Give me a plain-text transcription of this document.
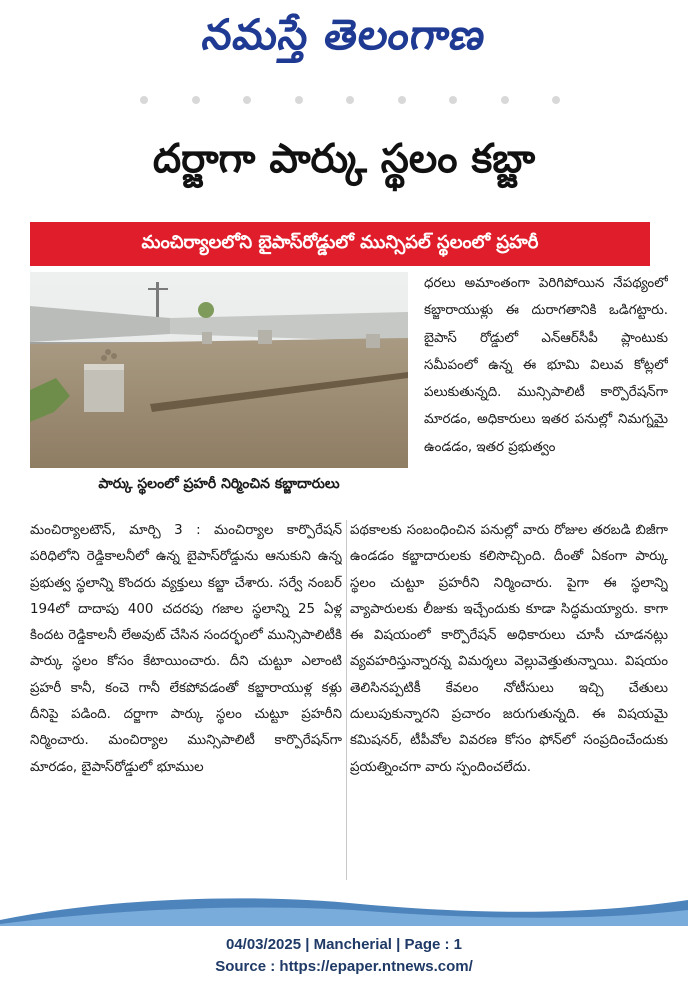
నమస్తే తెలంగాణ
దర్జాగా పార్కు స్థలం కబ్జా
మంచిర్యాలలోని బైపాస్‌రోడ్డులో మున్సిపల్ స్థలంలో ప్రహరీ
పార్కు స్థలంలో ప్రహరీ నిర్మించిన కబ్జాదారులు

ధరలు అమాంతంగా పెరిగిపోయిన నేపథ్యంలో కబ్జారాయుళ్లు ఈ దురాగతానికి ఒడిగట్టారు. బైపాస్ రోడ్డులో ఎన్‌ఆర్‌సీపీ ప్లాంటుకు సమీపంలో ఉన్న ఈ భూమి విలువ కోట్లలో పలుకుతున్నది. మున్సిపాలిటీ కార్పొరేషన్‌గా మారడం, అధికారులు ఇతర పనుల్లో నిమగ్నమై ఉండడం, ఇతర ప్రభుత్వం

మంచిర్యాలటౌన్, మార్చి 3 : మంచిర్యాల కార్పొరేషన్ పరిధిలోని రెడ్డికాలనీలో ఉన్న బైపాస్‌రోడ్డును ఆనుకుని ఉన్న ప్రభుత్వ స్థలాన్ని కొందరు వ్యక్తులు కబ్జా చేశారు. సర్వే నంబర్ 194లో దాదాపు 400 చదరపు గజాల స్థలాన్ని 25 ఏళ్ల కిందట రెడ్డికాలనీ లేఅవుట్ చేసిన సందర్భంలో మున్సిపాలిటీకి పార్కు స్థలం కోసం కేటాయించారు. దీని చుట్టూ ఎలాంటి ప్రహరీ కానీ, కంచె గానీ లేకపోవడంతో కబ్జారాయుళ్ల కళ్లు దీనిపై పడింది. దర్జాగా పార్కు స్థలం చుట్టూ ప్రహరీని నిర్మించారు. మంచిర్యాల మున్సిపాలిటీ కార్పొరేషన్‌గా మారడం, బైపాస్‌రోడ్డులో భూముల

పథకాలకు సంబంధించిన పనుల్లో వారు రోజుల తరబడి బిజీగా ఉండడం కబ్జాదారులకు కలిసొచ్చింది. దీంతో ఏకంగా పార్కు స్థలం చుట్టూ ప్రహరీని నిర్మించారు. పైగా ఈ స్థలాన్ని వ్యాపారులకు లీజుకు ఇచ్చేందుకు కూడా సిద్ధమయ్యారు. కాగా ఈ విషయంలో కార్పొరేషన్ అధికారులు చూసీ చూడనట్లు వ్యవహరిస్తున్నారన్న విమర్శలు వెల్లువెత్తుతున్నాయి. విషయం తెలిసినప్పటికీ కేవలం నోటీసులు ఇచ్చి చేతులు దులుపుకున్నారని ప్రచారం జరుగుతున్నది. ఈ విషయమై కమిషనర్, టీపీవోల వివరణ కోసం ఫోన్‌లో సంప్రదించేందుకు ప్రయత్నించగా వారు స్పందించలేదు.

04/03/2025 | Mancherial | Page : 1
Source : https://epaper.ntnews.com/
